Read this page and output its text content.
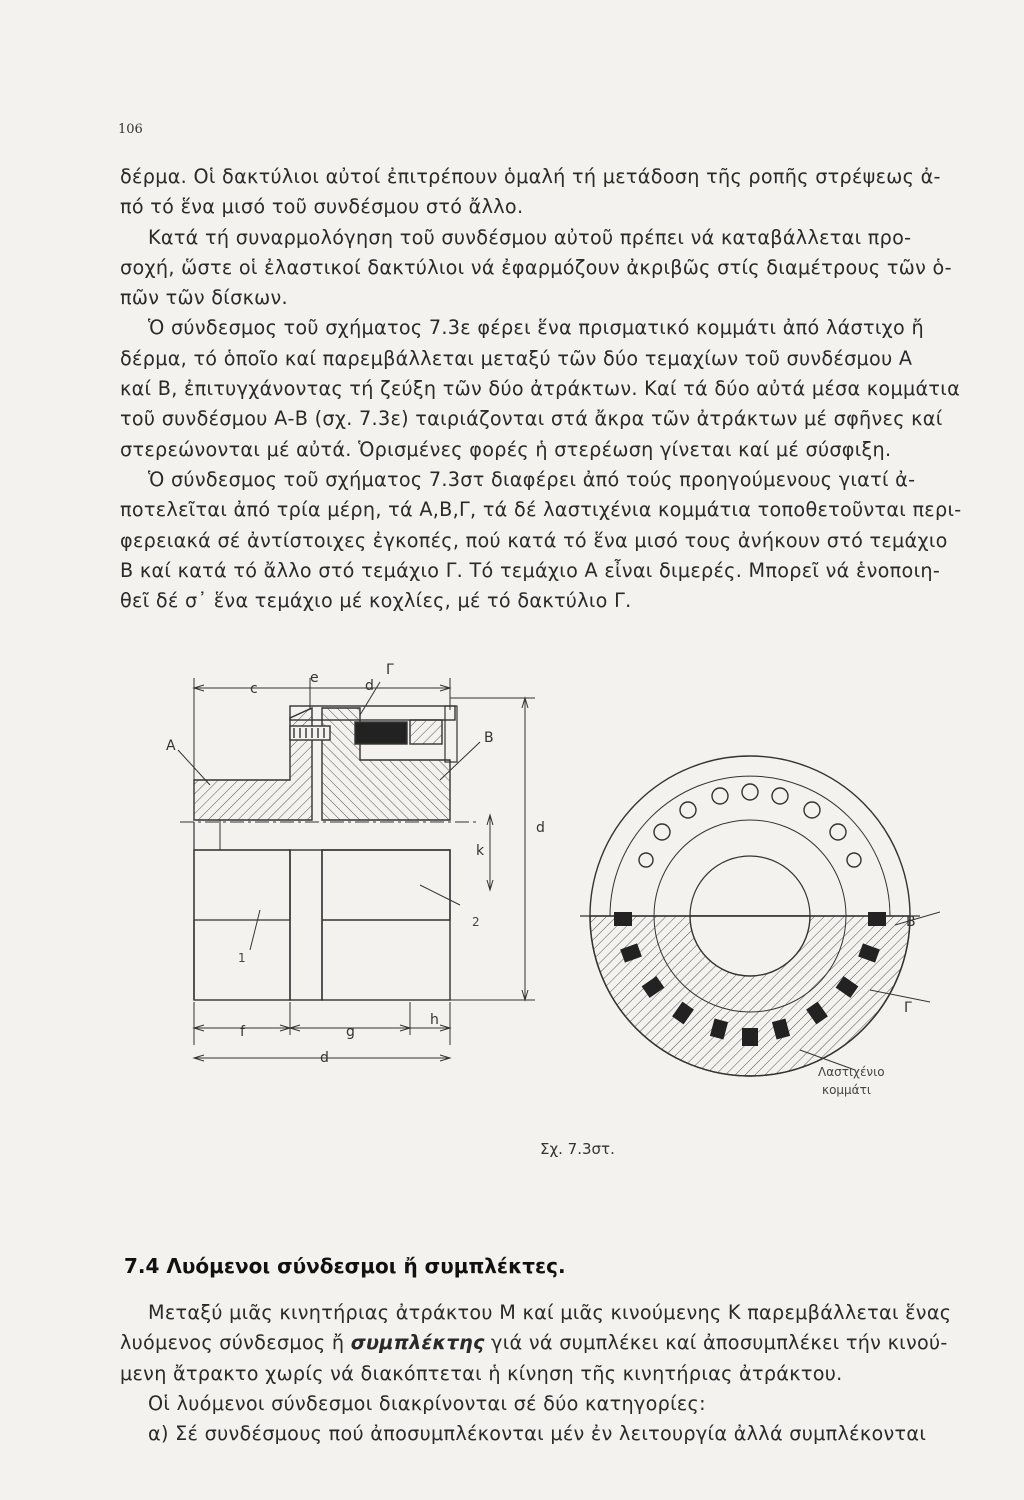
106

δέρμα. Οἱ δακτύλιοι αὐτοί ἐπιτρέπουν ὁμαλή τή μετάδοση τῆς ροπῆς στρέψεως ἀ-
πό τό ἕνα μισό τοῦ συνδέσμου στό ἄλλο.

Κατά τή συναρμολόγηση τοῦ συνδέσμου αὐτοῦ πρέπει νά καταβάλλεται προ-
σοχή, ὥστε οἱ ἐλαστικοί δακτύλιοι νά ἐφαρμόζουν ἀκριβῶς στίς διαμέτρους τῶν ὁ-
πῶν τῶν δίσκων.

Ὁ σύνδεσμος τοῦ σχήματος 7.3ε φέρει ἕνα πρισματικό κομμάτι ἀπό λάστιχο ἤ
δέρμα, τό ὁποῖο καί παρεμβάλλεται μεταξύ τῶν δύο τεμαχίων τοῦ συνδέσμου Α
καί Β, ἐπιτυγχάνοντας τή ζεύξη τῶν δύο ἀτράκτων. Καί τά δύο αὐτά μέσα κομμάτια
τοῦ συνδέσμου Α-Β (σχ. 7.3ε) ταιριάζονται στά ἄκρα τῶν ἀτράκτων μέ σφῆνες καί
στερεώνονται μέ αὐτά. Ὁρισμένες φορές ἡ στερέωση γίνεται καί μέ σύσφιξη.

Ὁ σύνδεσμος τοῦ σχήματος 7.3στ διαφέρει ἀπό τούς προηγούμενους γιατί ἀ-
ποτελεῖται ἀπό τρία μέρη, τά Α,Β,Γ, τά δέ λαστιχένια κομμάτια τοποθετοῦνται περι-
φερειακά σέ ἀντίστοιχες ἐγκοπές, πού κατά τό ἕνα μισό τους ἀνήκουν στό τεμάχιο
Β καί κατά τό ἄλλο στό τεμάχιο Γ. Τό τεμάχιο Α εἶναι διμερές. Μπορεῖ νά ἑνοποιη-
θεῖ δέ σ᾽ ἕνα τεμάχιο μέ κοχλίες, μέ τό δακτύλιο Γ.

c
e	d
Γ
A	B
d
k
1
2
f	g
h
d
B
Γ
Λαστιχένιο
κομμάτι
Σχ. 7.3στ.
7.4 Λυόμενοι σύνδεσμοι ἤ συμπλέκτες.

Μεταξύ μιᾶς κινητήριας ἀτράκτου Μ καί μιᾶς κινούμενης Κ παρεμβάλλεται ἕνας
λυόμενος σύνδεσμος ἤ συμπλέκτης γιά νά συμπλέκει καί ἀποσυμπλέκει τήν κινού-
μενη ἄτρακτο χωρίς νά διακόπτεται ἡ κίνηση τῆς κινητήριας ἀτράκτου.

Οἱ λυόμενοι σύνδεσμοι διακρίνονται σέ δύο κατηγορίες:
α) Σέ συνδέσμους πού ἀποσυμπλέκονται μέν ἐν λειτουργία ἀλλά συμπλέκονται
